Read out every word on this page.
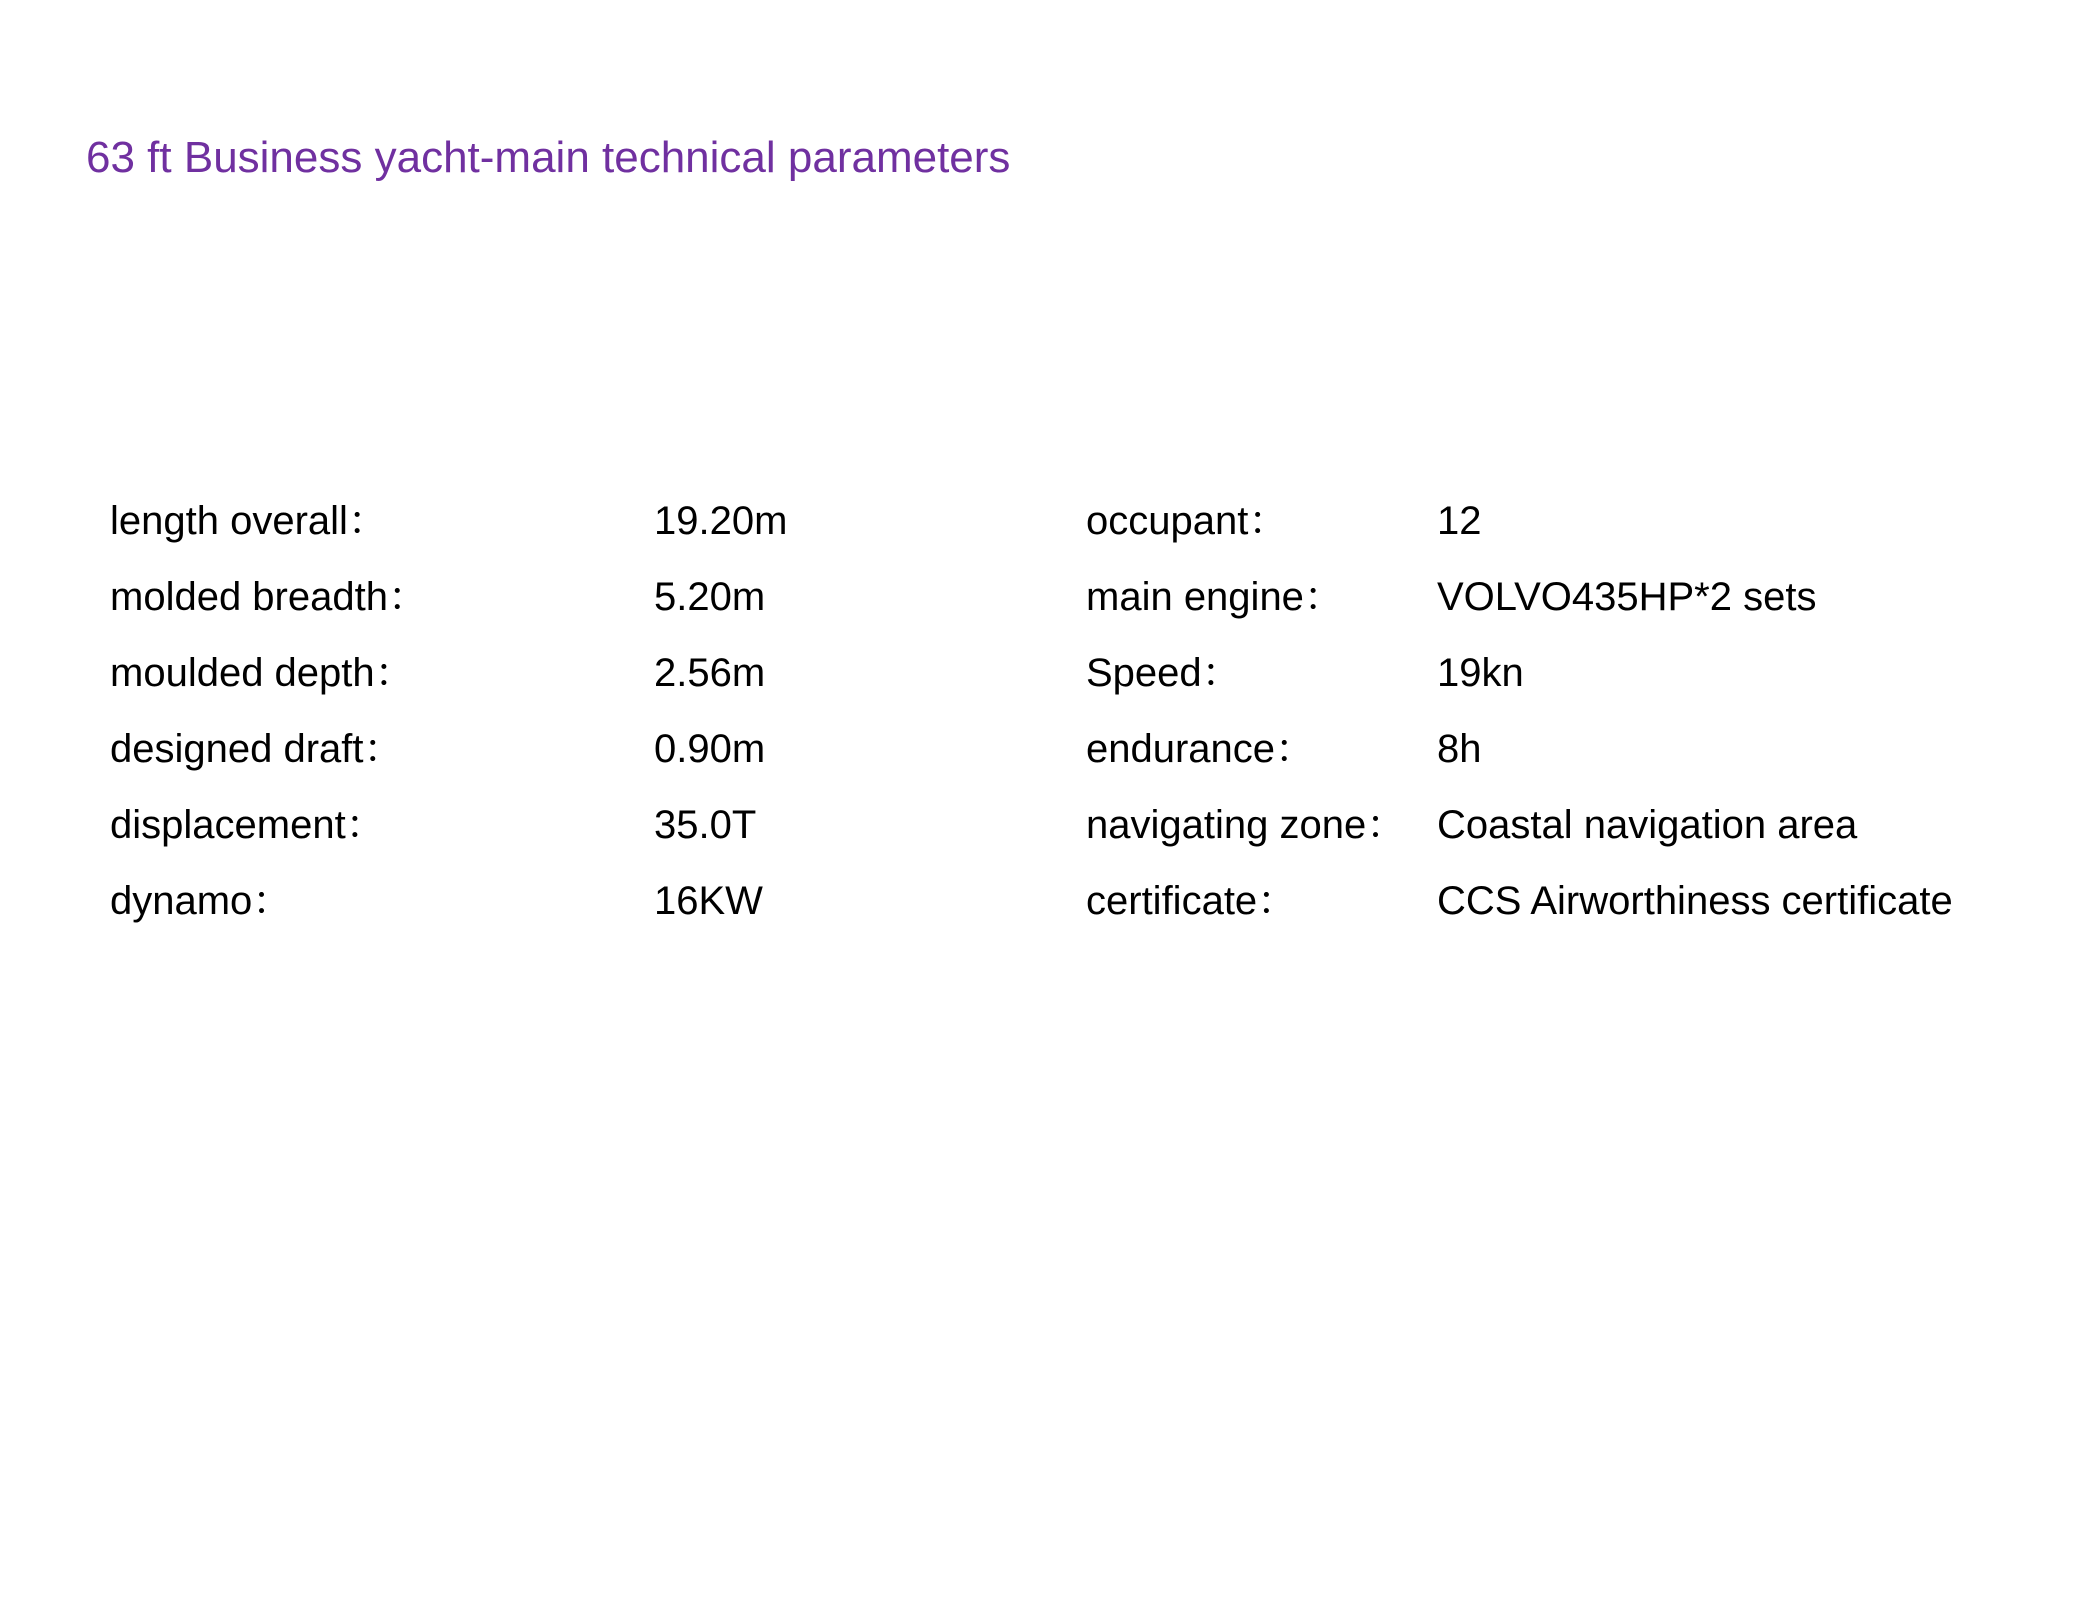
63 ft Business yacht-main technical parameters
length overall：	19.20m	occupant：	12
molded breadth：	5.20m	main engine： VOLVO435HP*2 sets
moulded depth：	2.56m	Speed：	19kn
designed draft：	0.90m	endurance：	8h
displacement：	35.0T	navigating zone： Coastal navigation area
dynamo：	16KW	certificate：	CCS Airworthiness certificate
